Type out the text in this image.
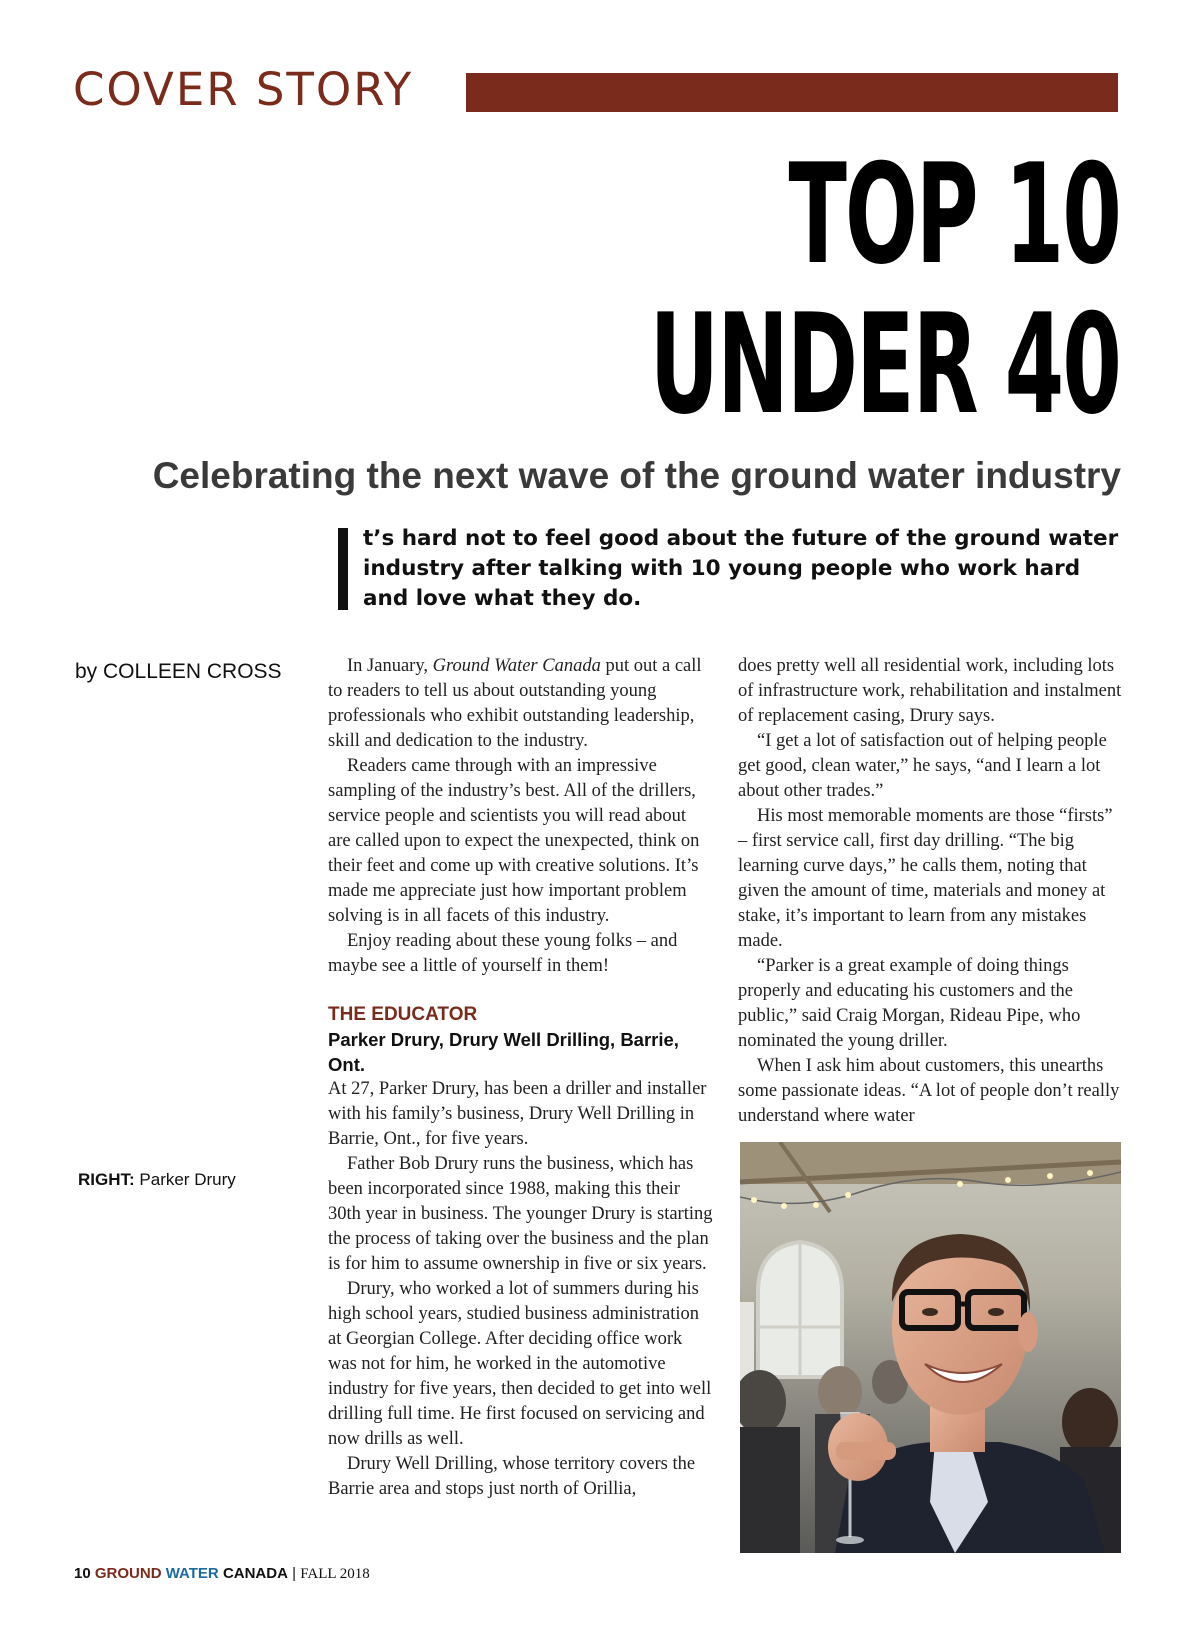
COVER STORY
TOP 10
UNDER 40
Celebrating the next wave of the ground water industry
t’s hard not to feel good about the future of the ground water industry after talking with 10 young people who work hard and love what they do.
by COLLEEN CROSS
RIGHT: Parker Drury

In January, Ground Water Canada put out a call to readers to tell us about outstanding young professionals who exhibit outstanding leadership, skill and dedication to the industry.

Readers came through with an impressive sampling of the industry’s best. All of the drillers, service people and scientists you will read about are called upon to expect the unexpected, think on their feet and come up with creative solutions. It’s made me appreciate just how important problem solving is in all facets of this industry.

Enjoy reading about these young folks – and maybe see a little of yourself in them!

THE EDUCATOR
Parker Drury, Drury Well Drilling, Barrie, Ont.

At 27, Parker Drury, has been a driller and installer with his family’s business, Drury Well Drilling in Barrie, Ont., for five years.

Father Bob Drury runs the business, which has been incorporated since 1988, making this their 30th year in business. The younger Drury is starting the process of taking over the business and the plan is for him to assume ownership in five or six years.

Drury, who worked a lot of summers during his high school years, studied business administration at Georgian College. After deciding office work was not for him, he worked in the automotive industry for five years, then decided to get into well drilling full time. He first focused on servicing and now drills as well.

Drury Well Drilling, whose territory covers the Barrie area and stops just north of Orillia,

does pretty well all residential work, including lots of infrastructure work, rehabilitation and instalment of replacement casing, Drury says.

“I get a lot of satisfaction out of helping people get good, clean water,” he says, “and I learn a lot about other trades.”

His most memorable moments are those “firsts” – first service call, first day drilling. “The big learning curve days,” he calls them, noting that given the amount of time, materials and money at stake, it’s important to learn from any mistakes made.

“Parker is a great example of doing things properly and educating his customers and the public,” said Craig Morgan, Rideau Pipe, who nominated the young driller.

When I ask him about customers, this unearths some passionate ideas. “A lot of people don’t really understand where water

10 GROUND WATER CANADA | FALL 2018
